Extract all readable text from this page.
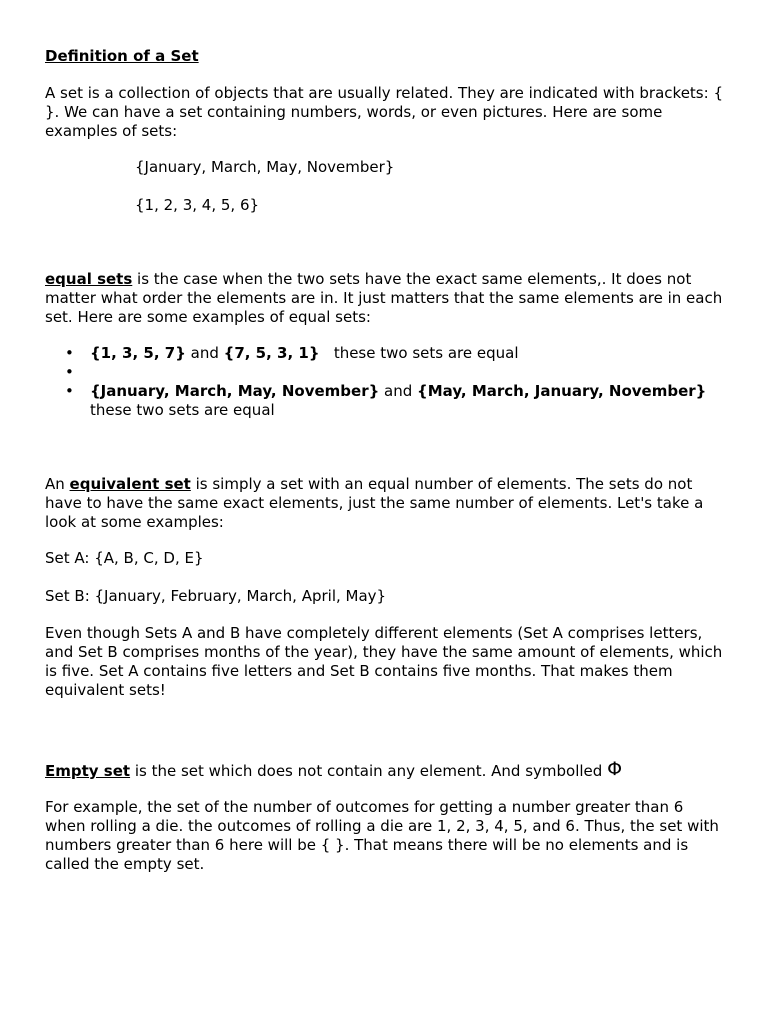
Definition of a Set

A set is a collection of objects that are usually related. They are indicated with brackets: { }. We can have a set containing numbers, words, or even pictures. Here are some examples of sets:

{January, March, May, November}

{1, 2, 3, 4, 5, 6}

equal sets is the case when the two sets have the exact same elements,. It does not matter what order the elements are in. It just matters that the same elements are in each set. Here are some examples of equal sets:

• {1, 3, 5, 7} and {7, 5, 3, 1}   these two sets are equal
•
• {January, March, May, November} and {May, March, January, November} these two sets are equal

An equivalent set is simply a set with an equal number of elements. The sets do not have to have the same exact elements, just the same number of elements. Let's take a look at some examples:

Set A: {A, B, C, D, E}

Set B: {January, February, March, April, May}

Even though Sets A and B have completely different elements (Set A comprises letters, and Set B comprises months of the year), they have the same amount of elements, which is five. Set A contains five letters and Set B contains five months. That makes them equivalent sets!

Empty set is the set which does not contain any element. And symbolled Φ

For example, the set of the number of outcomes for getting a number greater than 6 when rolling a die. the outcomes of rolling a die are 1, 2, 3, 4, 5, and 6. Thus, the set with numbers greater than 6 here will be { }. That means there will be no elements and is called the empty set.
